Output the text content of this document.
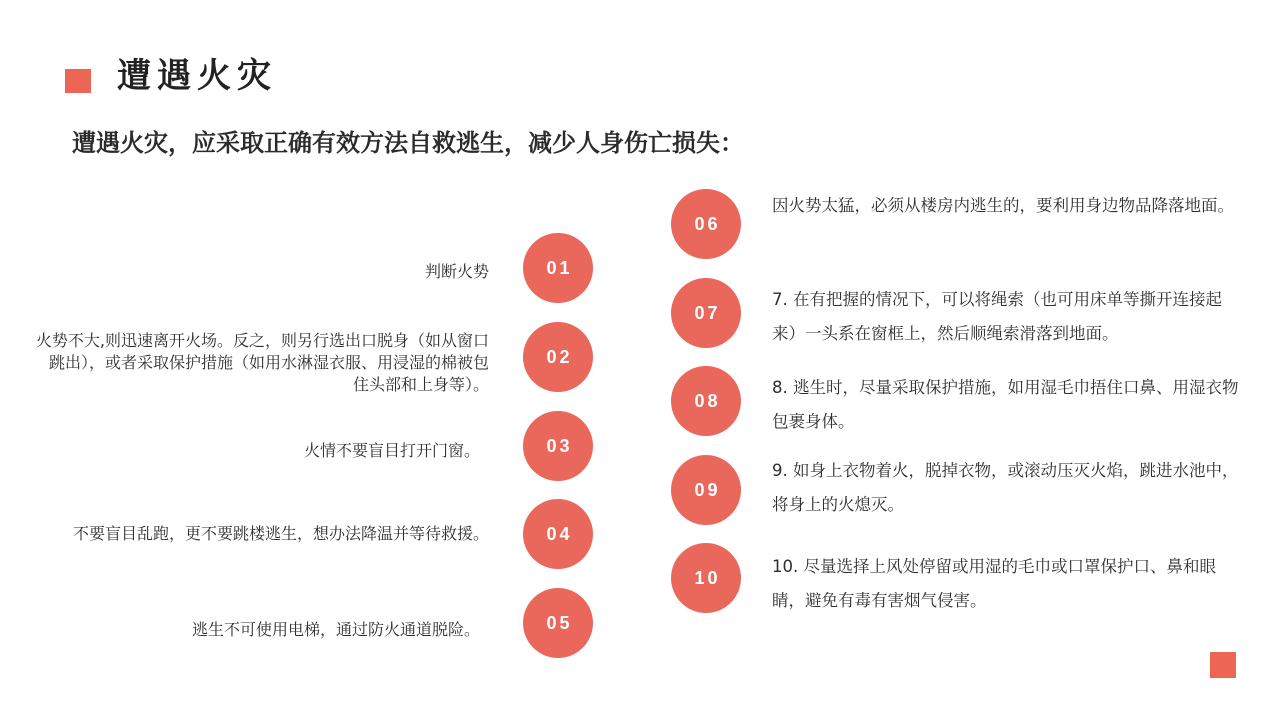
遭遇火灾
遭遇火灾，应采取正确有效方法自救逃生，减少人身伤亡损失：
01
判断火势
02
火势不大,则迅速离开火场。反之，则另行选出口脱身（如从窗口跳出），或者采取保护措施（如用水淋湿衣服、用浸湿的棉被包住头部和上身等）。
03
火情不要盲目打开门窗。
04
不要盲目乱跑，更不要跳楼逃生，想办法降温并等待救援。
05
逃生不可使用电梯，通过防火通道脱险。
06
因火势太猛，必须从楼房内逃生的，要利用身边物品降落地面。
07
7. 在有把握的情况下，可以将绳索（也可用床单等撕开连接起来）一头系在窗框上，然后顺绳索滑落到地面。
08
8. 逃生时，尽量采取保护措施，如用湿毛巾捂住口鼻、用湿衣物包裹身体。
09
9. 如身上衣物着火，脱掉衣物，或滚动压灭火焰，跳进水池中，将身上的火熄灭。
10
10. 尽量选择上风处停留或用湿的毛巾或口罩保护口、鼻和眼睛，避免有毒有害烟气侵害。
